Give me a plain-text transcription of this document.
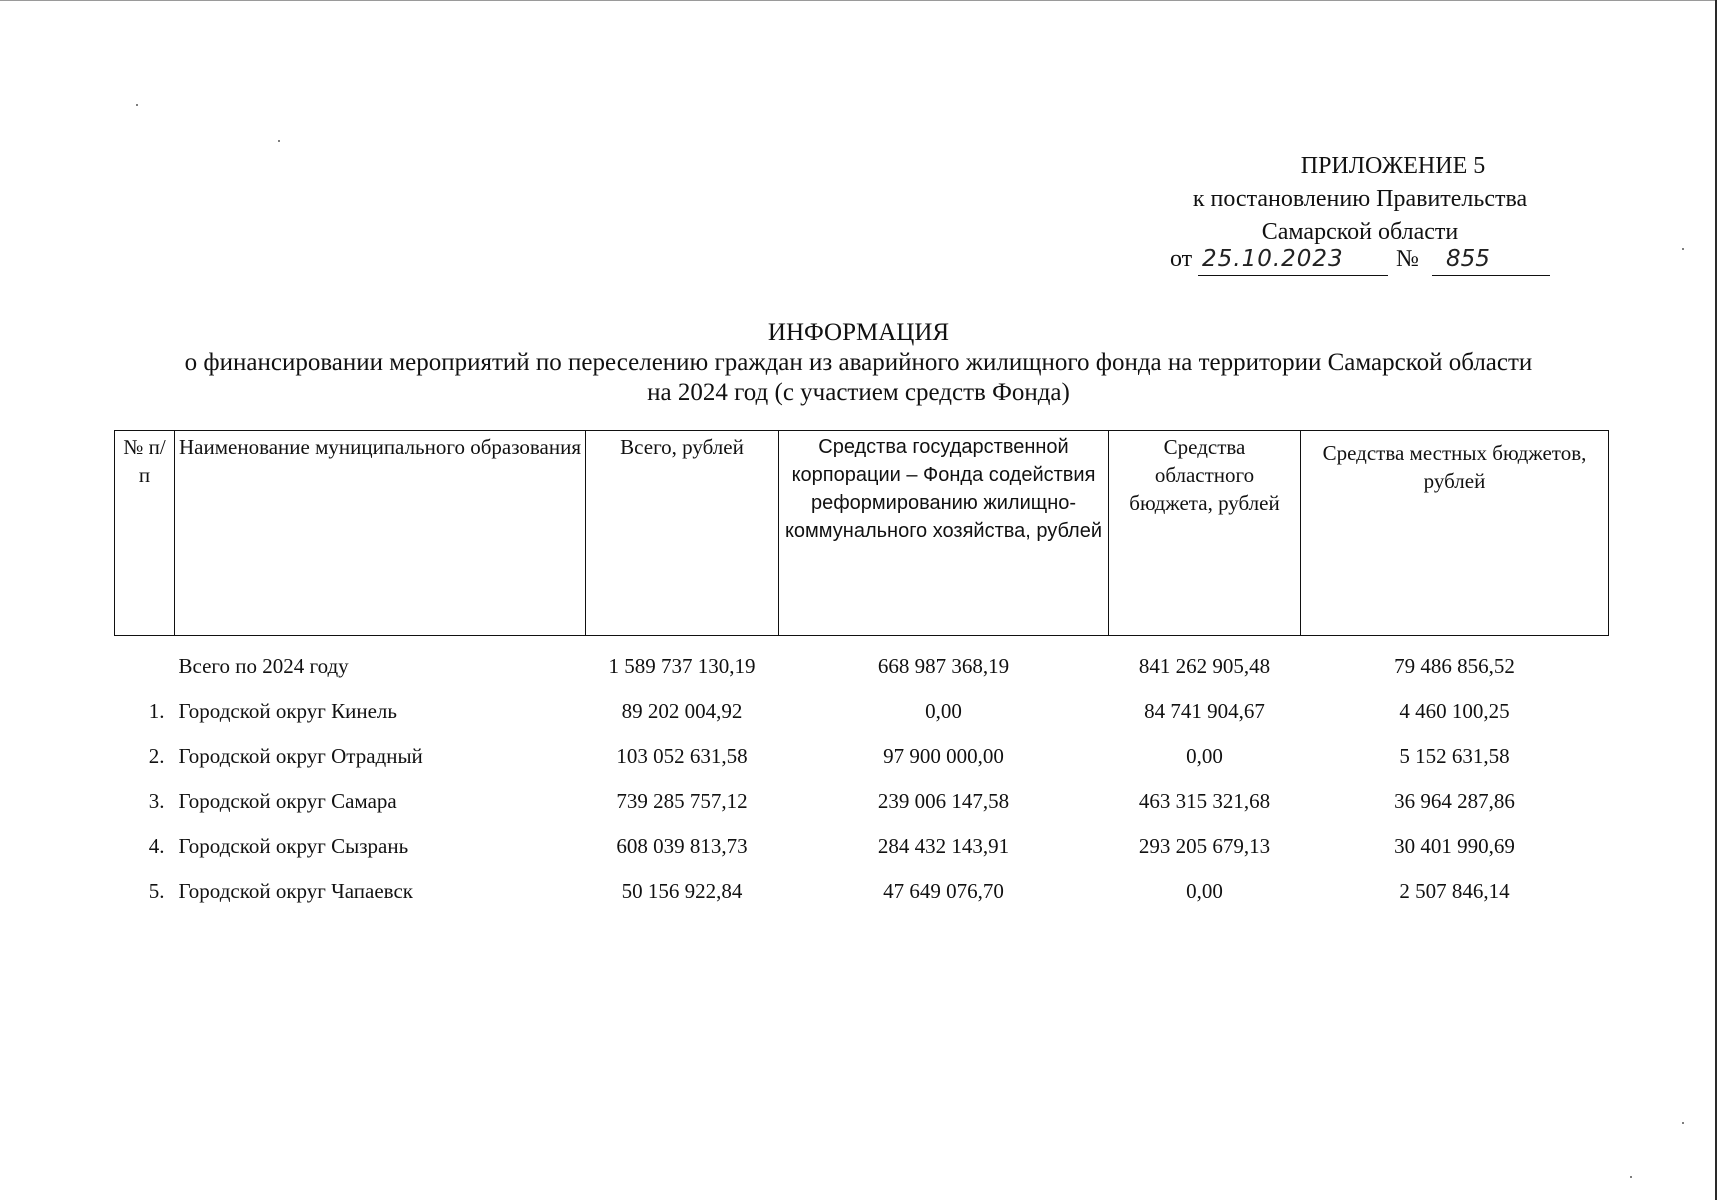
ПРИЛОЖЕНИЕ 5
к постановлению Правительства
Самарской области
от 25.10.2023	№	855
ИНФОРМАЦИЯ
о финансировании мероприятий по переселению граждан из аварийного жилищного фонда на территории Самарской области
на 2024 год (с участием средств Фонда)
№ п/п	Наименование муниципального образования	Всего, рублей	Средства государственной корпорации – Фонда содействия реформированию жилищно-коммунального хозяйства, рублей	Средства областного бюджета, рублей	Средства местных бюджетов, рублей
	Всего по 2024 году	1 589 737 130,19	668 987 368,19	841 262 905,48	79 486 856,52
1.	Городской округ Кинель	89 202 004,92	0,00	84 741 904,67	4 460 100,25
2.	Городской округ Отрадный	103 052 631,58	97 900 000,00	0,00	5 152 631,58
3.	Городской округ Самара	739 285 757,12	239 006 147,58	463 315 321,68	36 964 287,86
4.	Городской округ Сызрань	608 039 813,73	284 432 143,91	293 205 679,13	30 401 990,69
5.	Городской округ Чапаевск	50 156 922,84	47 649 076,70	0,00	2 507 846,14
